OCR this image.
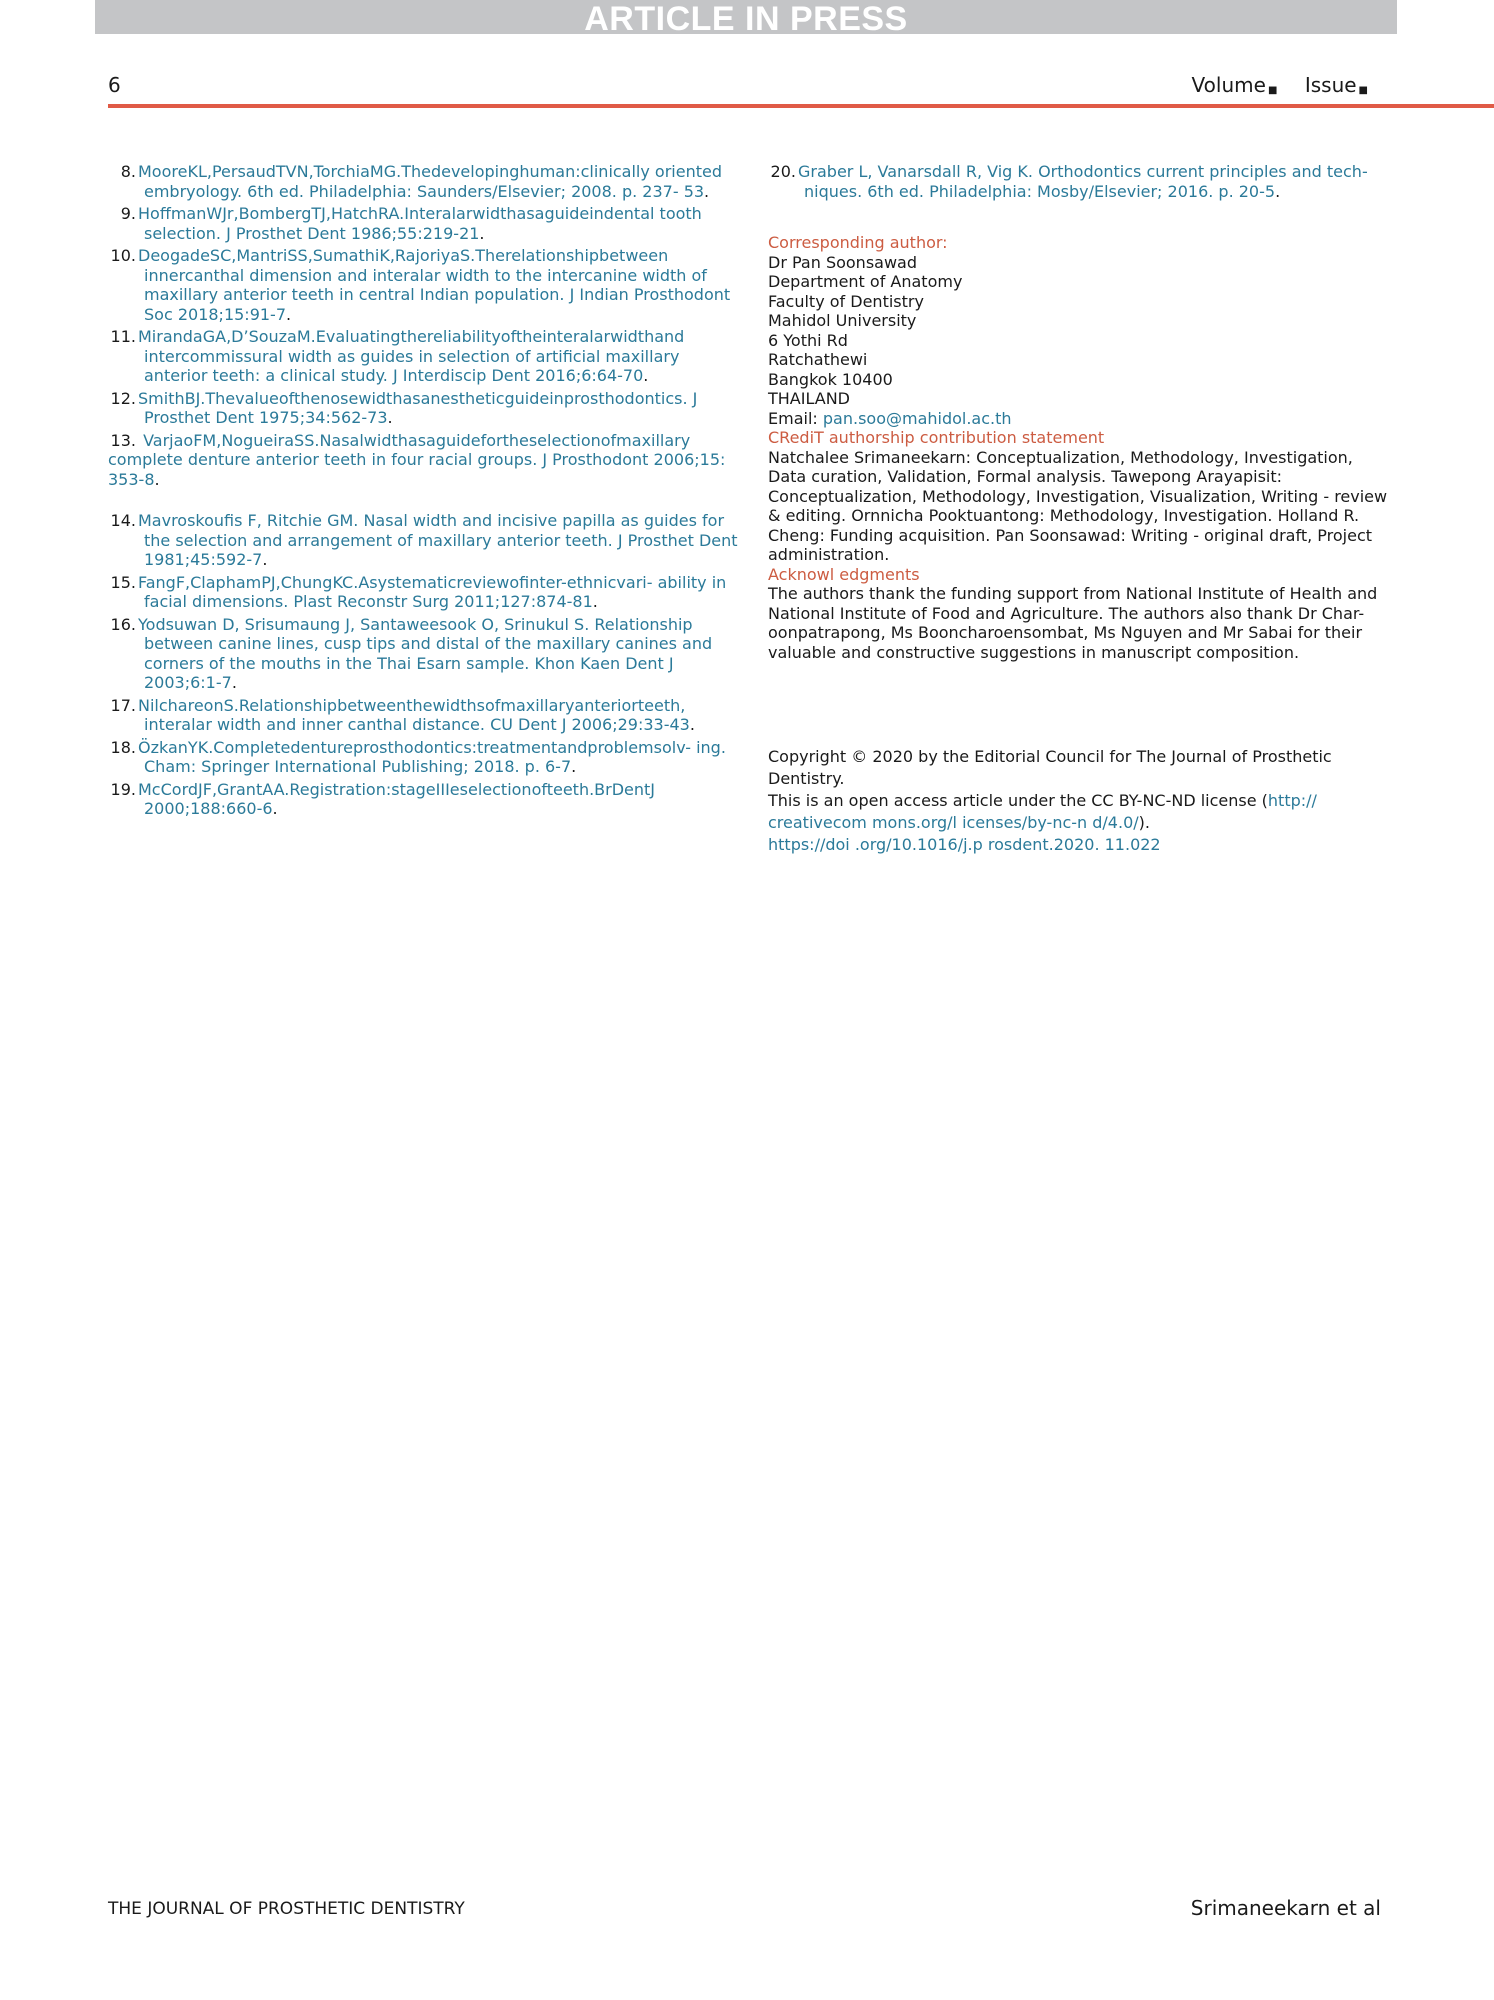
ARTICLE IN PRESS
6	Volume ■ Issue ■
8. MooreKL,PersaudTVN,TorchiaMG.Thedevelopinghuman:clinically oriented embryology. 6th ed. Philadelphia: Saunders/Elsevier; 2008. p. 237- 53.
9. HoffmanWJr,BombergTJ,HatchRA.Interalarwidthasaguideindental tooth selection. J Prosthet Dent 1986;55:219-21.
10. DeogadeSC,MantriSS,SumathiK,RajoriyaS.Therelationshipbetween innercanthal dimension and interalar width to the intercanine width of maxillary anterior teeth in central Indian population. J Indian Prosthodont Soc 2018;15:91-7.
11. MirandaGA,D’SouzaM.Evaluatingthereliabilityoftheinteralarwidthand intercommissural width as guides in selection of artificial maxillary anterior teeth: a clinical study. J Interdiscip Dent 2016;6:64-70.
12. SmithBJ.Thevalueofthenosewidthasanestheticguideinprosthodontics. J Prosthet Dent 1975;34:562-73.
13. VarjaoFM,NogueiraSS.Nasalwidthasaguidefortheselectionofmaxillary complete denture anterior teeth in four racial groups. J Prosthodont 2006;15: 353-8.
14. Mavroskoufis F, Ritchie GM. Nasal width and incisive papilla as guides for the selection and arrangement of maxillary anterior teeth. J Prosthet Dent 1981;45:592-7.
15. FangF,ClaphamPJ,ChungKC.Asystematicreviewofinter-ethnicvari- ability in facial dimensions. Plast Reconstr Surg 2011;127:874-81.
16. Yodsuwan D, Srisumaung J, Santaweesook O, Srinukul S. Relationship between canine lines, cusp tips and distal of the maxillary canines and corners of the mouths in the Thai Esarn sample. Khon Kaen Dent J 2003;6:1-7.
17. NilchareonS.Relationshipbetweenthewidthsofmaxillaryanteriorteeth, interalar width and inner canthal distance. CU Dent J 2006;29:33-43.
18. ÖzkanYK.Completedentureprosthodontics:treatmentandproblemsolv- ing. Cham: Springer International Publishing; 2018. p. 6-7.
19. McCordJF,GrantAA.Registration:stageIIIeselectionofteeth.BrDentJ 2000;188:660-6.
20. Graber L, Vanarsdall R, Vig K. Orthodontics current principles and tech- niques. 6th ed. Philadelphia: Mosby/Elsevier; 2016. p. 20-5.

Corresponding author:

Dr Pan Soonsawad

Department of Anatomy

Faculty of Dentistry

Mahidol University

6 Yothi Rd

Ratchathewi

Bangkok 10400

THAILAND

Email: pan.soo@mahidol.ac.th

CRediT authorship contribution statement

Natchalee Srimaneekarn: Conceptualization, Methodology, Investigation, Data curation, Validation, Formal analysis. Tawepong Arayapisit: Conceptualization, Methodology, Investigation, Visualization, Writing - review & editing. Ornnicha Pooktuantong: Methodology, Investigation. Holland R. Cheng: Funding acquisition. Pan Soonsawad: Writing - original draft, Project administration.

Acknowl edgments

The authors thank the funding support from National Institute of Health and National Institute of Food and Agriculture. The authors also thank Dr Char- oonpatrapong, Ms Booncharoensombat, Ms Nguyen and Mr Sabai for their valuable and constructive suggestions in manuscript composition.

Copyright © 2020 by the Editorial Council for The Journal of Prosthetic Dentistry.

This is an open access article under the CC BY-NC-ND license (http:// creativecom mons.org/l icenses/by-nc-n d/4.0/).

https://doi .org/10.1016/j.p rosdent.2020. 11.022

THE JOURNAL OF PROSTHETIC DENTISTRY	Srimaneekarn et al
